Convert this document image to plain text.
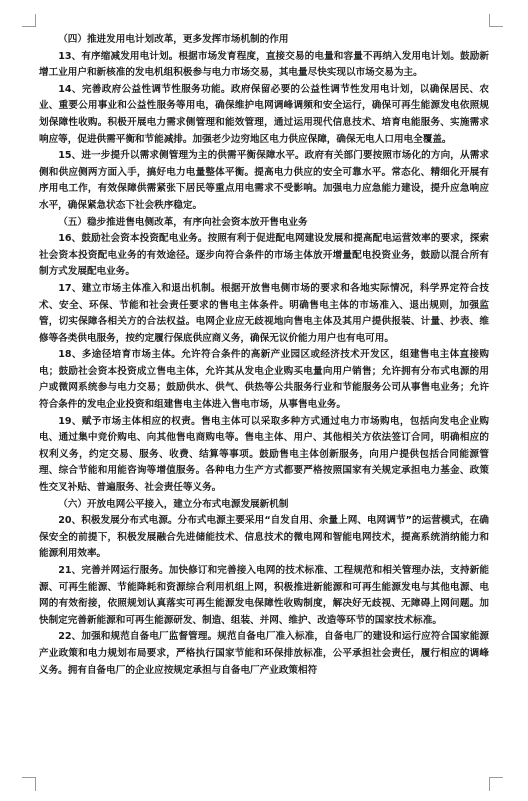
（四）推进发用电计划改革，更多发挥市场机制的作用

13、有序缩减发用电计划。根据市场发育程度，直接交易的电量和容量不再纳入发用电计划。鼓励新增工业用户和新核准的发电机组积极参与电力市场交易，其电量尽快实现以市场交易为主。

14、完善政府公益性调节性服务功能。政府保留必要的公益性调节性发用电计划，以确保居民、农业、重要公用事业和公益性服务等用电，确保维护电网调峰调频和安全运行，确保可再生能源发电依照规划保障性收购。积极开展电力需求侧管理和能效管理，通过运用现代信息技术、培育电能服务、实施需求响应等，促进供需平衡和节能减排。加强老少边穷地区电力供应保障，确保无电人口用电全覆盖。

15、进一步提升以需求侧管理为主的供需平衡保障水平。政府有关部门要按照市场化的方向，从需求侧和供应侧两方面入手，搞好电力电量整体平衡。提高电力供应的安全可靠水平。常态化、精细化开展有序用电工作，有效保障供需紧张下居民等重点用电需求不受影响。加强电力应急能力建设，提升应急响应水平，确保紧急状态下社会秩序稳定。

（五）稳步推进售电侧改革，有序向社会资本放开售电业务

16、鼓励社会资本投资配电业务。按照有利于促进配电网建设发展和提高配电运营效率的要求，探索社会资本投资配电业务的有效途径。逐步向符合条件的市场主体放开增量配电投资业务，鼓励以混合所有制方式发展配电业务。

17、建立市场主体准入和退出机制。根据开放售电侧市场的要求和各地实际情况，科学界定符合技术、安全、环保、节能和社会责任要求的售电主体条件。明确售电主体的市场准入、退出规则，加强监管，切实保障各相关方的合法权益。电网企业应无歧视地向售电主体及其用户提供报装、计量、抄表、维修等各类供电服务，按约定履行保底供应商义务，确保无议价能力用户也有电可用。

18、多途径培育市场主体。允许符合条件的高新产业园区或经济技术开发区，组建售电主体直接购电；鼓励社会资本投资成立售电主体，允许其从发电企业购买电量向用户销售；允许拥有分布式电源的用户或微网系统参与电力交易；鼓励供水、供气、供热等公共服务行业和节能服务公司从事售电业务；允许符合条件的发电企业投资和组建售电主体进入售电市场，从事售电业务。

19、赋予市场主体相应的权责。售电主体可以采取多种方式通过电力市场购电，包括向发电企业购电、通过集中竞价购电、向其他售电商购电等。售电主体、用户、其他相关方依法签订合同，明确相应的权利义务，约定交易、服务、收费、结算等事项。鼓励售电主体创新服务，向用户提供包括合同能源管理、综合节能和用能咨询等增值服务。各种电力生产方式都要严格按照国家有关规定承担电力基金、政策性交叉补贴、普遍服务、社会责任等义务。

（六）开放电网公平接入，建立分布式电源发展新机制

20、积极发展分布式电源。分布式电源主要采用“自发自用、余量上网、电网调节”的运营模式，在确保安全的前提下，积极发展融合先进储能技术、信息技术的微电网和智能电网技术，提高系统消纳能力和能源利用效率。

21、完善并网运行服务。加快修订和完善接入电网的技术标准、工程规范和相关管理办法，支持新能源、可再生能源、节能降耗和资源综合利用机组上网，积极推进新能源和可再生能源发电与其他电源、电网的有效衔接，依照规划认真落实可再生能源发电保障性收购制度，解决好无歧视、无障碍上网问题。加快制定完善新能源和可再生能源研发、制造、组装、并网、维护、改造等环节的国家技术标准。

22、加强和规范自备电厂监督管理。规范自备电厂准入标准，自备电厂的建设和运行应符合国家能源产业政策和电力规划布局要求，严格执行国家节能和环保排放标准，公平承担社会责任，履行相应的调峰义务。拥有自备电厂的企业应按规定承担与自备电厂产业政策相符
